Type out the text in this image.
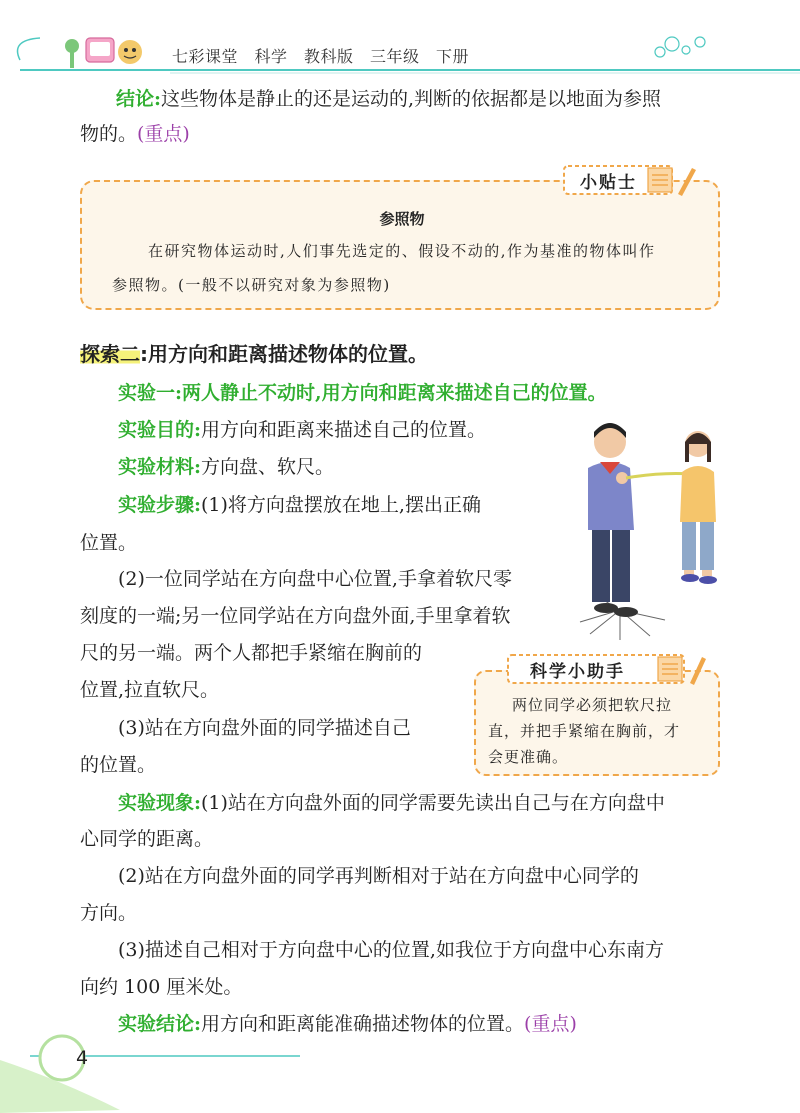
七彩课堂　科学　教科版　三年级　下册
结论:这些物体是静止的还是运动的,判断的依据都是以地面为参照
物的。(重点)
参照物
在研究物体运动时,人们事先选定的、假设不动的,作为基准的物体叫作
参照物。(一般不以研究对象为参照物)
小贴士
探索二:用方向和距离描述物体的位置。
实验一:两人静止不动时,用方向和距离来描述自己的位置。
实验目的:用方向和距离来描述自己的位置。
实验材料:方向盘、软尺。
实验步骤:(1)将方向盘摆放在地上,摆出正确
位置。
(2)一位同学站在方向盘中心位置,手拿着软尺零
刻度的一端;另一位同学站在方向盘外面,手里拿着软
尺的另一端。两个人都把手紧缩在胸前的
位置,拉直软尺。
(3)站在方向盘外面的同学描述自己
的位置。
实验现象:(1)站在方向盘外面的同学需要先读出自己与在方向盘中
心同学的距离。
(2)站在方向盘外面的同学再判断相对于站在方向盘中心同学的
方向。
(3)描述自己相对于方向盘中心的位置,如我位于方向盘中心东南方
向约 100 厘米处。
实验结论:用方向和距离能准确描述物体的位置。(重点)
两位同学必须把软尺拉
直，并把手紧缩在胸前，才
会更准确。
科学小助手
4
